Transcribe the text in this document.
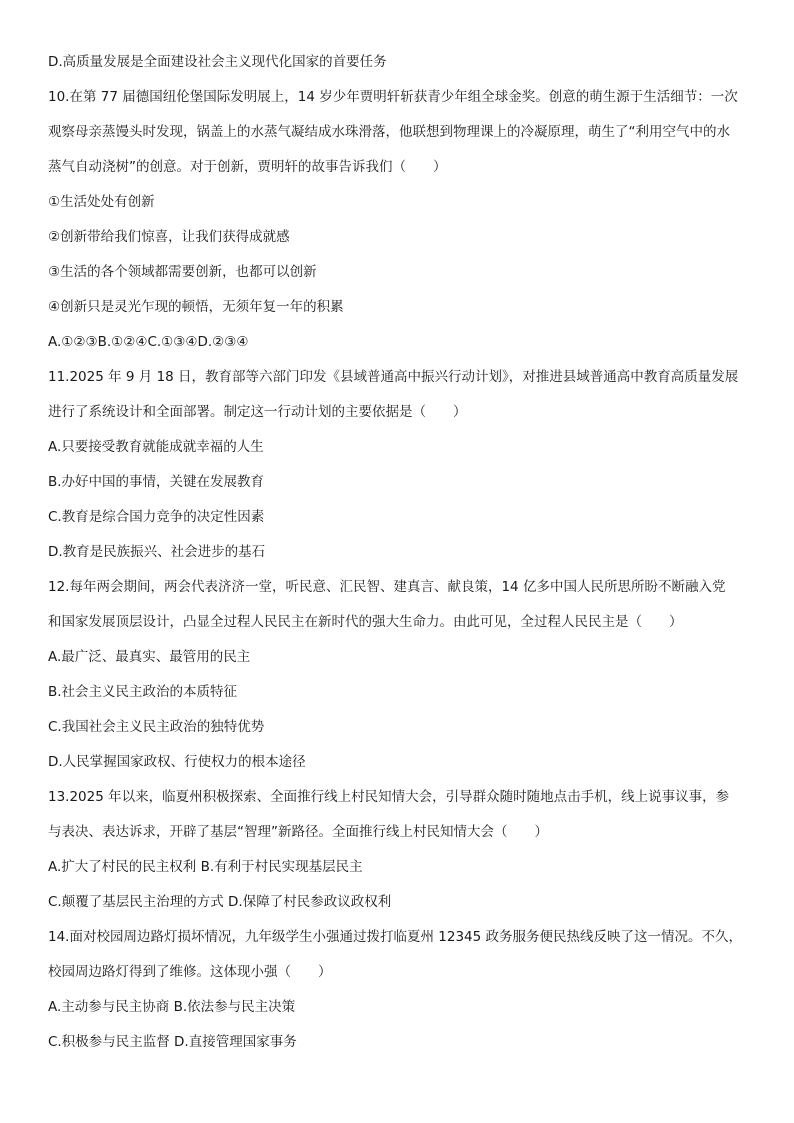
D.高质量发展是全面建设社会主义现代化国家的首要任务
10.在第 77 届德国纽伦堡国际发明展上，14 岁少年贾明轩斩获青少年组全球金奖。创意的萌生源于生活细节：一次
观察母亲蒸馒头时发现，锅盖上的水蒸气凝结成水珠滑落，他联想到物理课上的冷凝原理，萌生了“利用空气中的水
蒸气自动浇树”的创意。对于创新，贾明轩的故事告诉我们（　　）
①生活处处有创新
②创新带给我们惊喜，让我们获得成就感
③生活的各个领域都需要创新，也都可以创新
④创新只是灵光乍现的顿悟，无须年复一年的积累
A.①②③B.①②④C.①③④D.②③④
11.2025 年 9 月 18 日，教育部等六部门印发《县域普通高中振兴行动计划》，对推进县域普通高中教育高质量发展
进行了系统设计和全面部署。制定这一行动计划的主要依据是（　　）
A.只要接受教育就能成就幸福的人生
B.办好中国的事情，关键在发展教育
C.教育是综合国力竞争的决定性因素
D.教育是民族振兴、社会进步的基石
12.每年两会期间，两会代表济济一堂，听民意、汇民智、建真言、献良策，14 亿多中国人民所思所盼不断融入党
和国家发展顶层设计，凸显全过程人民民主在新时代的强大生命力。由此可见，全过程人民民主是（　　）
A.最广泛、最真实、最管用的民主
B.社会主义民主政治的本质特征
C.我国社会主义民主政治的独特优势
D.人民掌握国家政权、行使权力的根本途径
13.2025 年以来，临夏州积极探索、全面推行线上村民知情大会，引导群众随时随地点击手机，线上说事议事，参
与表决、表达诉求，开辟了基层“智理”新路径。全面推行线上村民知情大会（　　）
A.扩大了村民的民主权利 B.有利于村民实现基层民主
C.颠覆了基层民主治理的方式 D.保障了村民参政议政权利
14.面对校园周边路灯损坏情况，九年级学生小强通过拨打临夏州 12345 政务服务便民热线反映了这一情况。不久，
校园周边路灯得到了维修。这体现小强（　　）
A.主动参与民主协商 B.依法参与民主决策
C.积极参与民主监督 D.直接管理国家事务
